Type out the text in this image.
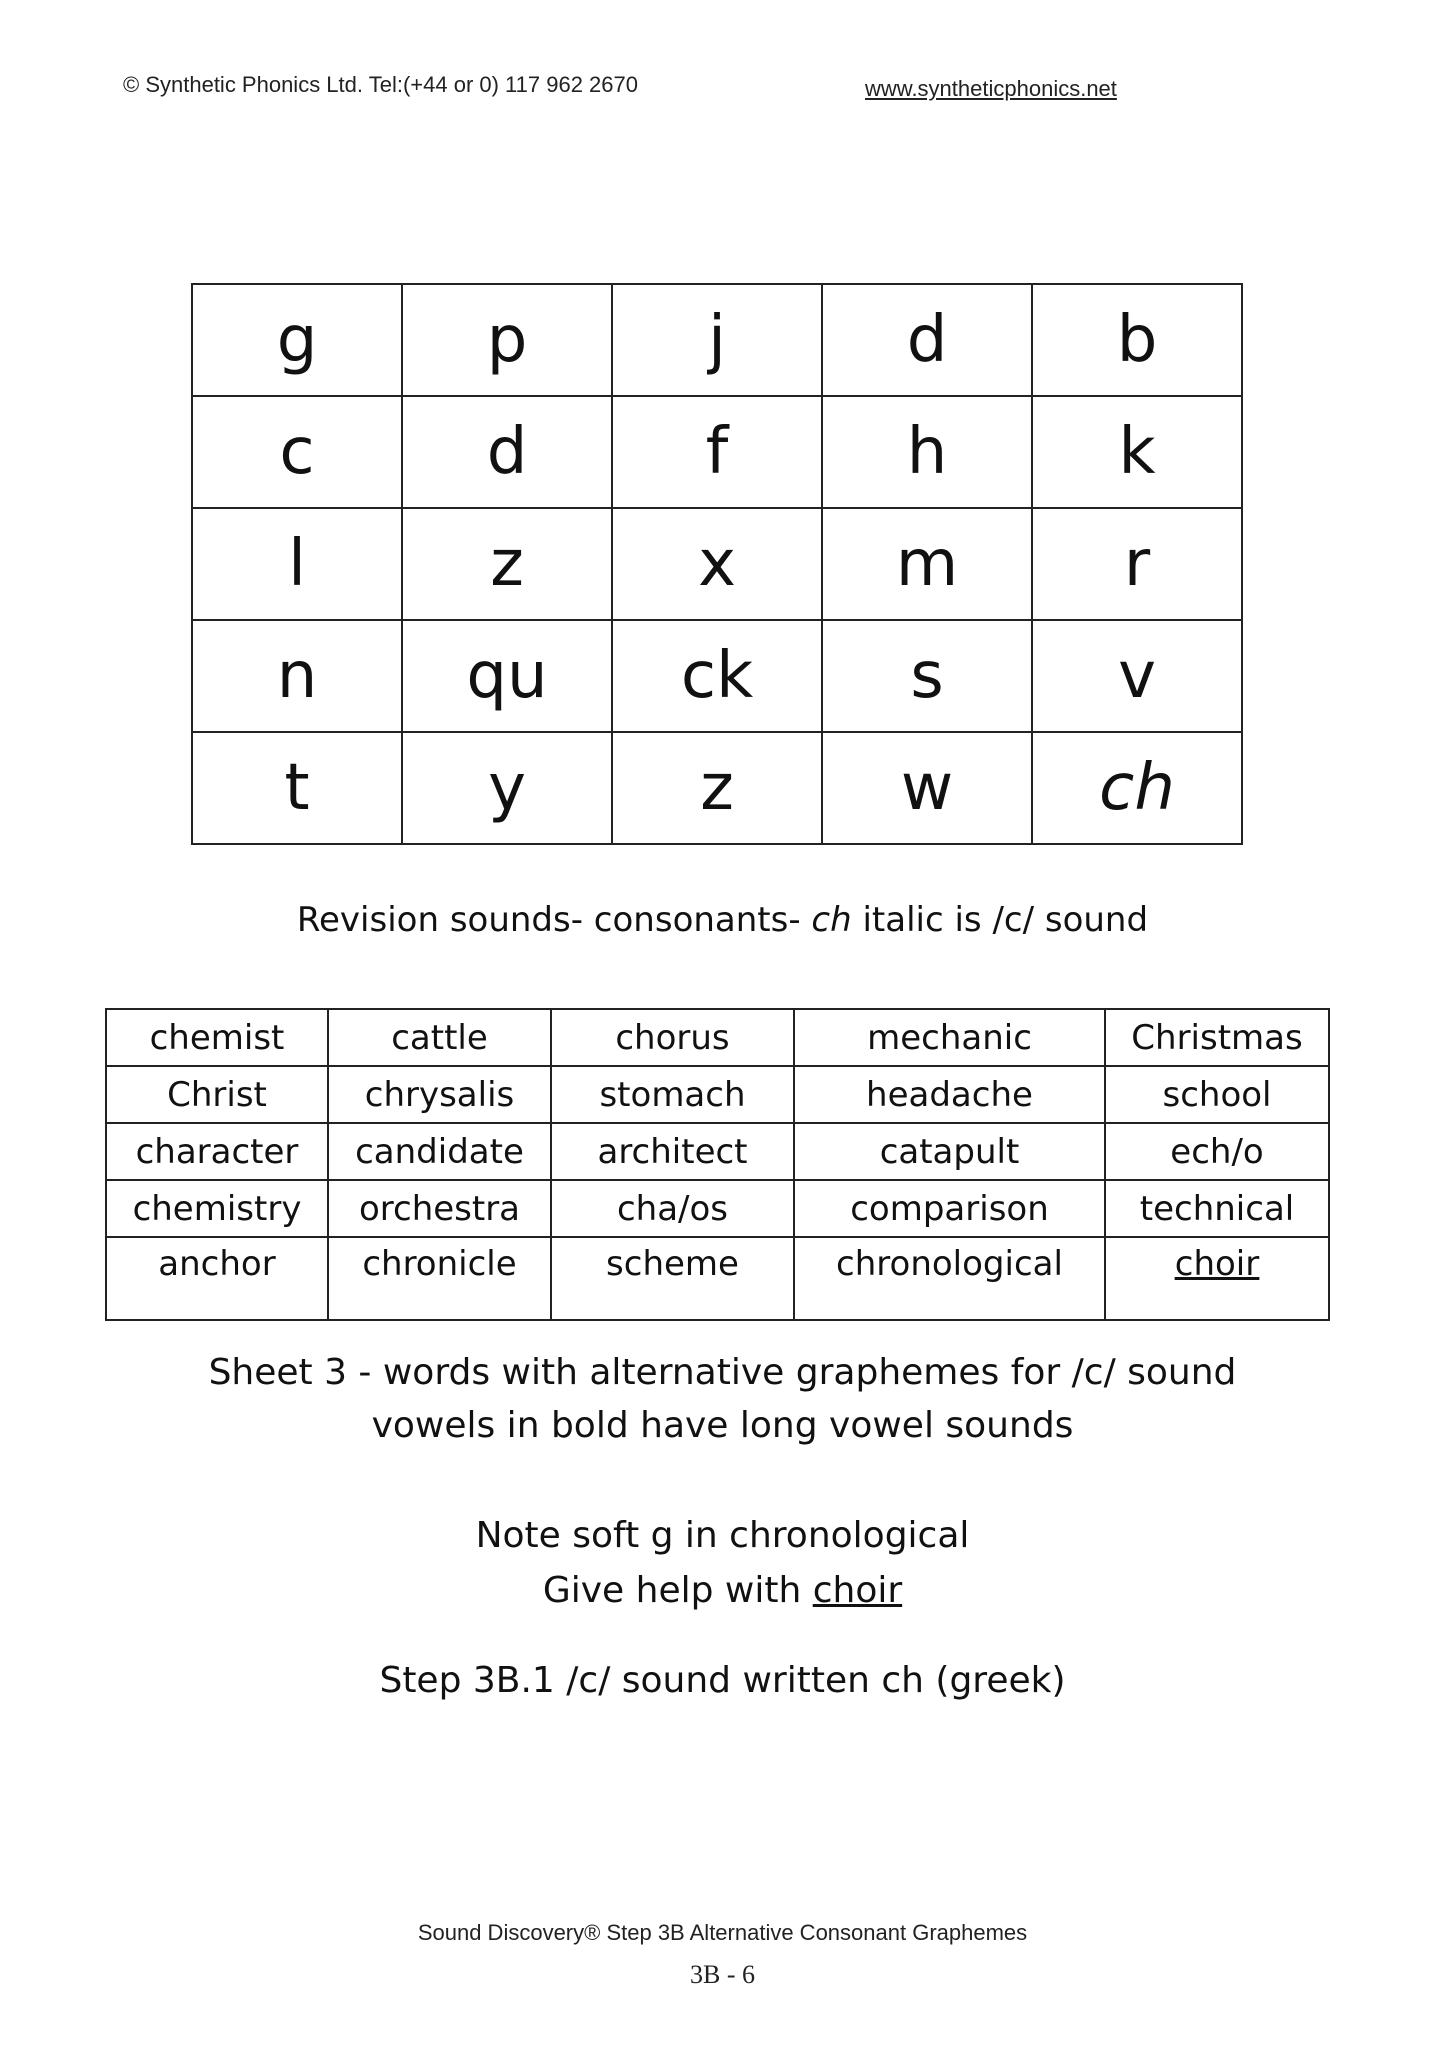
© Synthetic Phonics Ltd. Tel:(+44 or 0) 117 962 2670	www.syntheticphonics.net
g	p	j	d	b
c	d	f	h	k
l	z	x	m	r
n	qu	ck	s	v
t	y	z	w	ch
Revision sounds- consonants- ch italic is /c/ sound
chemist	cattle	chorus	mechanic	Christmas
Christ	chrysalis	stomach	headache	school
character	candidate	architect	catapult	ech/o
chemistry	orchestra	cha/os	comparison	technical
anchor	chronicle	scheme	chronological	choir
Sheet 3 - words with alternative graphemes for /c/ sound
vowels in bold have long vowel sounds
Note soft g in chronological
Give help with choir
Step 3B.1 /c/ sound written ch (greek)
Sound Discovery® Step 3B Alternative Consonant Graphemes
3B - 6
